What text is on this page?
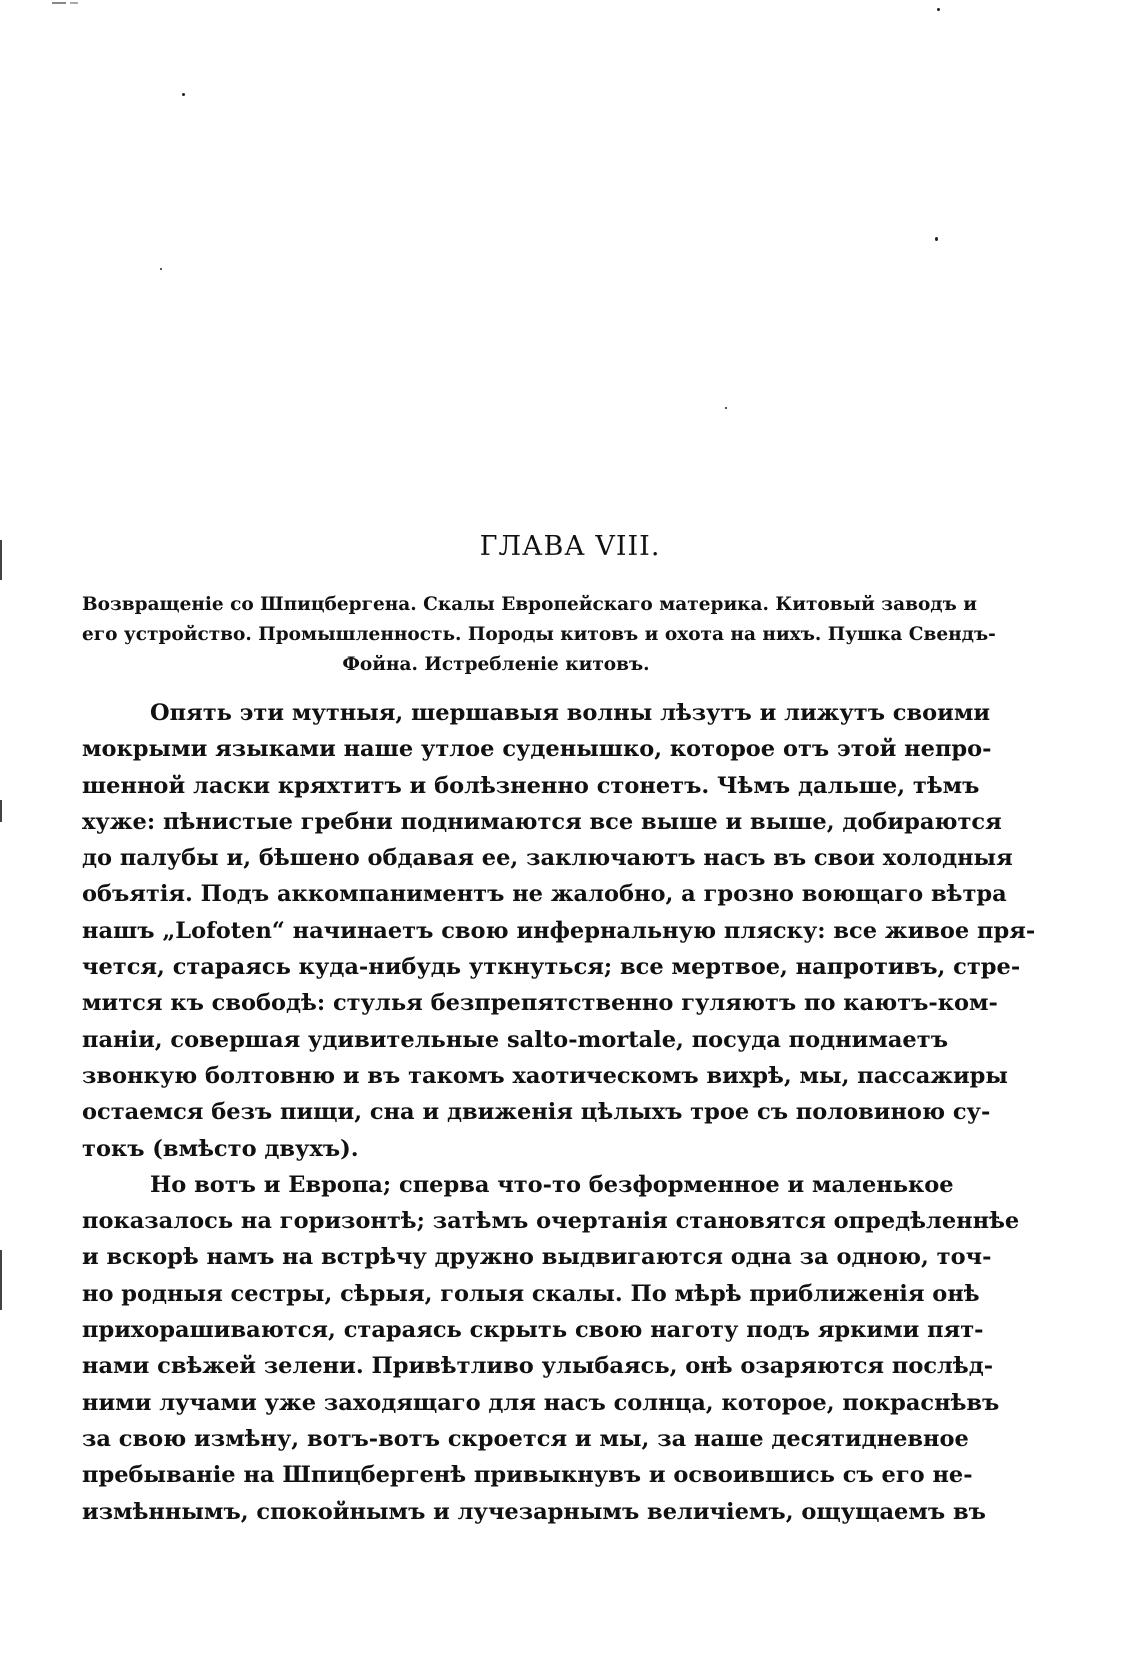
ГЛАВА VIII.
Возвращеніе со Шпицбергена. Скалы Европейскаго материка. Китовый заводъ и
его устройство. Промышленность. Породы китовъ и охота на нихъ. Пушка Свендъ-
Фойна. Истребленіе китовъ.
Опять эти мутныя, шершавыя волны лѣзутъ и лижутъ своими
мокрыми языками наше утлое суденышко, которое отъ этой непро-
шенной ласки кряхтитъ и болѣзненно стонетъ. Чѣмъ дальше, тѣмъ
хуже: пѣнистые гребни поднимаются все выше и выше, добираются
до палубы и, бѣшено обдавая ее, заключаютъ насъ въ свои холодныя
объятія. Подъ аккомпаниментъ не жалобно, а грозно воющаго вѣтра
нашъ „Lofoten“ начинаетъ свою инфернальную пляску: все живое пря-
чется, стараясь куда-нибудь уткнуться; все мертвое, напротивъ, стре-
мится къ свободѣ: стулья безпрепятственно гуляютъ по каютъ-ком-
паніи, совершая удивительные salto-mortale, посуда поднимаетъ
звонкую болтовню и въ такомъ хаотическомъ вихрѣ, мы, пассажиры
остаемся безъ пищи, сна и движенія цѣлыхъ трое съ половиною су-
токъ (вмѣсто двухъ).
Но вотъ и Европа; сперва что-то безформенное и маленькое
показалось на горизонтѣ; затѣмъ очертанія становятся опредѣленнѣе
и вскорѣ намъ на встрѣчу дружно выдвигаются одна за одною, точ-
но родныя сестры, сѣрыя, голыя скалы. По мѣрѣ приближенія онѣ
прихорашиваются, стараясь скрыть свою наготу подъ яркими пят-
нами свѣжей зелени. Привѣтливо улыбаясь, онѣ озаряются послѣд-
ними лучами уже заходящаго для насъ солнца, которое, покраснѣвъ
за свою измѣну, вотъ-вотъ скроется и мы, за наше десятидневное
пребываніе на Шпицбергенѣ привыкнувъ и освоившись съ его не-
измѣннымъ, спокойнымъ и лучезарнымъ величіемъ, ощущаемъ въ
